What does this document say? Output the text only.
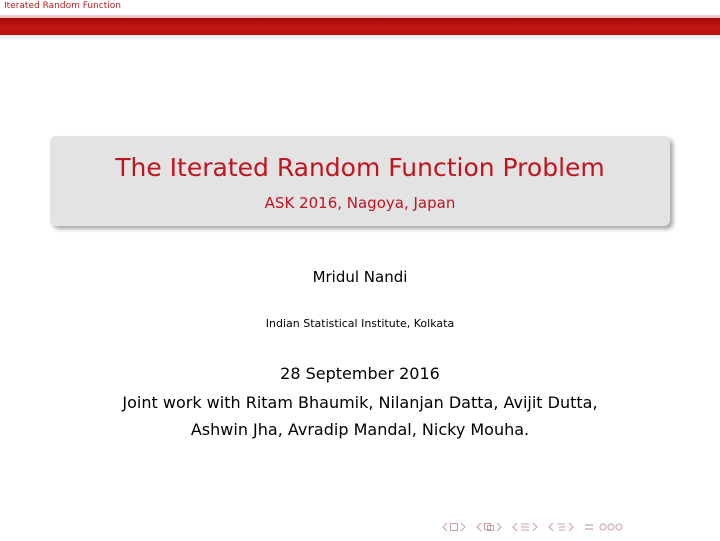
Iterated Random Function
The Iterated Random Function Problem
ASK 2016, Nagoya, Japan
Mridul Nandi
Indian Statistical Institute, Kolkata
28 September 2016
Joint work with Ritam Bhaumik, Nilanjan Datta, Avijit Dutta,
Ashwin Jha, Avradip Mandal, Nicky Mouha.
